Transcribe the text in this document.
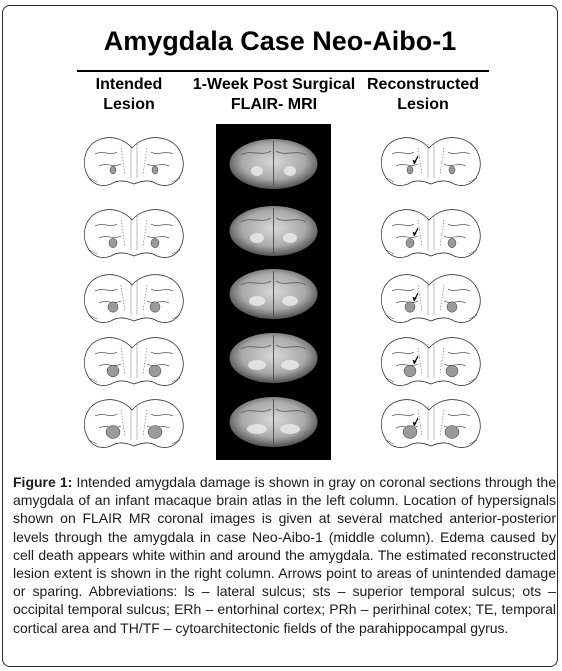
Amygdala Case Neo-Aibo-1
Intended
Lesion
1-Week Post Surgical
FLAIR- MRI
Reconstructed
Lesion
Figure 1: Intended amygdala damage is shown in gray on coronal sections through the amygdala of an infant macaque brain atlas in the left column. Location of hypersignals shown on FLAIR MR coronal images is given at several matched anterior-posterior levels through the amygdala in case Neo-Aibo-1 (middle column). Edema caused by cell death appears white within and around the amygdala. The estimated reconstructed lesion extent is shown in the right column. Arrows point to areas of unintended damage or sparing. Abbreviations: ls – lateral sulcus; sts – superior temporal sulcus; ots – occipital temporal sulcus; ERh – entorhinal cortex; PRh – perirhinal cotex; TE, temporal cortical area and TH/TF – cytoarchitectonic fields of the parahippocampal gyrus.
